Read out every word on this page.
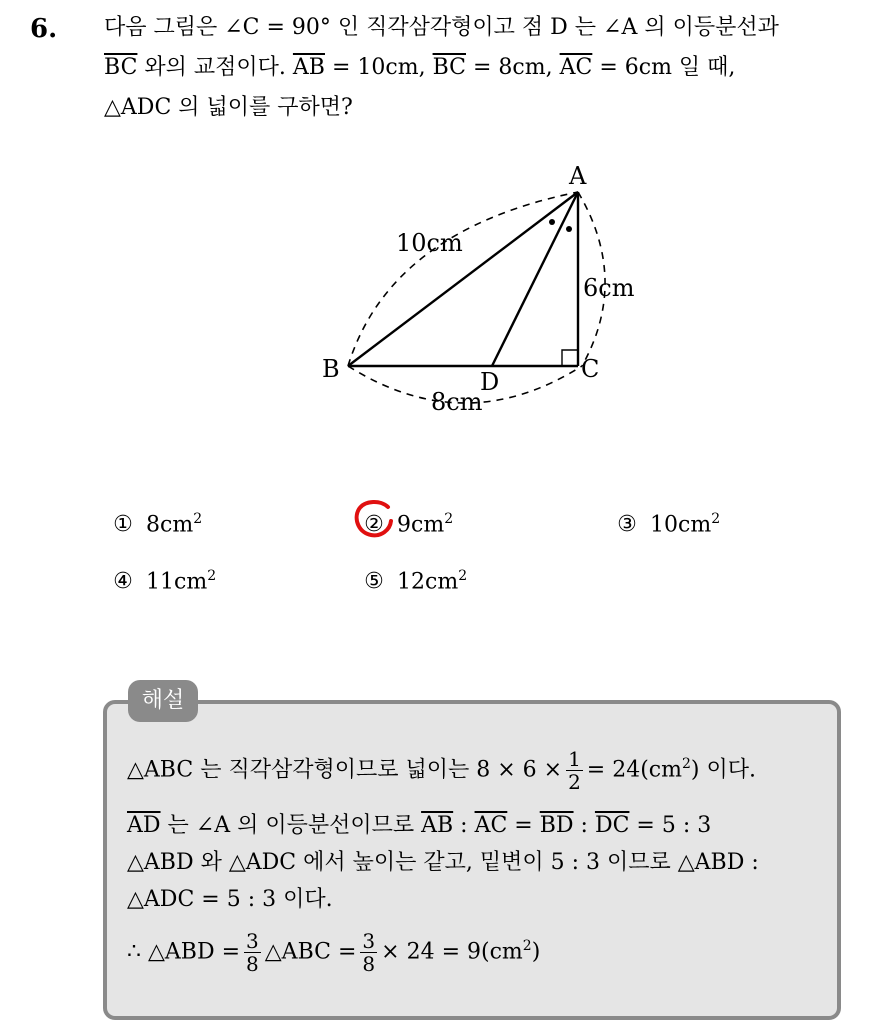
6. 다음 그림은 ∠C = 90° 인 직각삼각형이고 점 D 는 ∠A 의 이등분선과
$\overline{BC}$ 와의 교점이다. $\overline{AB} = 10cm$, $\overline{BC} = 8cm$, $\overline{AC} = 6cm$ 일 때,
△ADC 의 넓이를 구하면?
A
B	C
D
10cm
6cm
8cm
① $8cm^2$	② $9cm^2$	③ $10cm^2$
④ $11cm^2$	⑤ $12cm^2$
해설
△ABC 는 직각삼각형이므로 넓이는 $8 \times 6 \times \frac{1}{2} = 24(cm^2)$ 이다.
$\overline{AD}$ 는 ∠A 의 이등분선이므로 $\overline{AB}$ : $\overline{AC} = \overline{BD}$ : $\overline{DC} = 5$ : 3
△ABD 와 △ADC 에서 높이는 같고, 밑변이 5 : 3 이므로 △ABD :
△ADC = 5 : 3 이다.
∴ △ABD = $\frac{3}{8}$ △ABC = $\frac{3}{8} \times 24 = 9(cm^2)$
